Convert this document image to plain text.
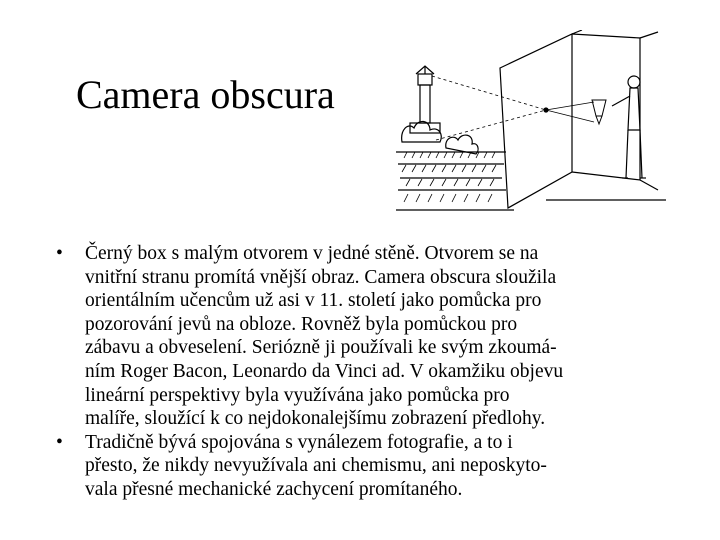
Camera obscura
• Černý box s malým otvorem v jedné stěně. Otvorem se na
vnitřní stranu promítá vnější obraz. Camera obscura sloužila
orientálním učencům už asi v 11. století jako pomůcka pro
pozorování jevů na obloze. Rovněž byla pomůckou pro
zábavu a obveselení. Seriózně ji používali ke svým zkoumá-
ním Roger Bacon, Leonardo da Vinci ad. V okamžiku objevu
lineární perspektivy byla využívána jako pomůcka pro
malíře, sloužící k co nejdokonalejšímu zobrazení předlohy.
• Tradičně bývá spojována s vynálezem fotografie, a to i
přesto, že nikdy nevyužívala ani chemismu, ani neposkyto-
vala přesné mechanické zachycení promítaného.
